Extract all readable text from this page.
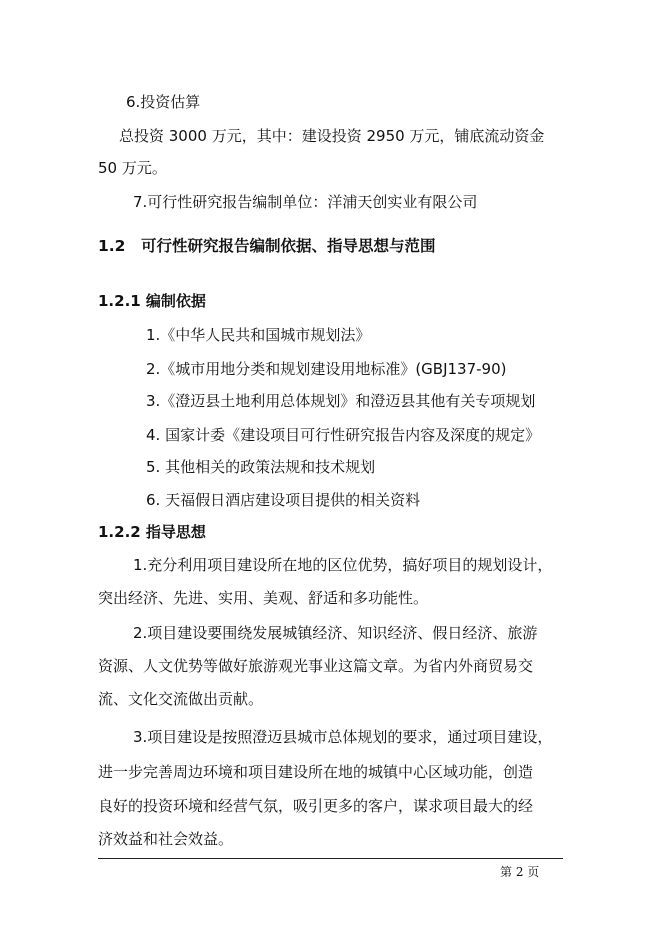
6.投资估算
总投资 3000 万元，其中：建设投资 2950 万元，铺底流动资金
50 万元。
7.可行性研究报告编制单位：洋浦天创实业有限公司
1.2　可行性研究报告编制依据、指导思想与范围
1.2.1 编制依据
1.《中华人民共和国城市规划法》
2.《城市用地分类和规划建设用地标准》(GBJ137-90)
3.《澄迈县土地利用总体规划》和澄迈县其他有关专项规划
4. 国家计委《建设项目可行性研究报告内容及深度的规定》
5. 其他相关的政策法规和技术规划
6. 天福假日酒店建设项目提供的相关资料
1.2.2 指导思想
1.充分利用项目建设所在地的区位优势，搞好项目的规划设计，
突出经济、先进、实用、美观、舒适和多功能性。
2.项目建设要围绕发展城镇经济、知识经济、假日经济、旅游
资源、人文优势等做好旅游观光事业这篇文章。为省内外商贸易交
流、文化交流做出贡献。
3.项目建设是按照澄迈县城市总体规划的要求，通过项目建设，
进一步完善周边环境和项目建设所在地的城镇中心区域功能，创造
良好的投资环境和经营气氛，吸引更多的客户，谋求项目最大的经
济效益和社会效益。
第 2 页
